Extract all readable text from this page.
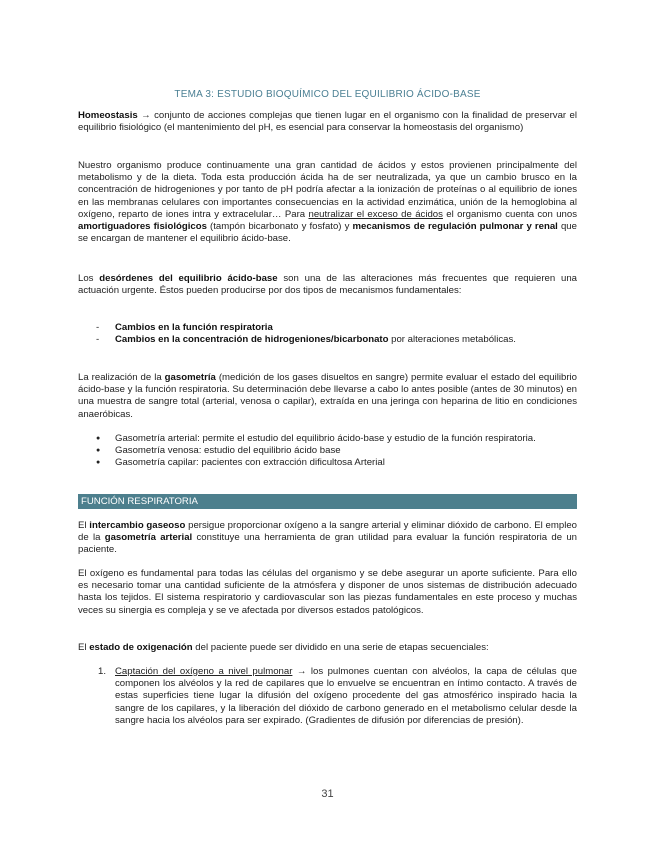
TEMA 3: ESTUDIO BIOQUÍMICO DEL EQUILIBRIO ÁCIDO-BASE

Homeostasis → conjunto de acciones complejas que tienen lugar en el organismo con la finalidad de preservar el equilibrio fisiológico (el mantenimiento del pH, es esencial para conservar la homeostasis del organismo)

Nuestro organismo produce continuamente una gran cantidad de ácidos y estos provienen principalmente del metabolismo y de la dieta. Toda esta producción ácida ha de ser neutralizada, ya que un cambio brusco en la concentración de hidrogeniones y por tanto de pH podría afectar a la ionización de proteínas o al equilibrio de iones en las membranas celulares con importantes consecuencias en la actividad enzimática, unión de la hemoglobina al oxígeno, reparto de iones intra y extracelular… Para neutralizar el exceso de ácidos el organismo cuenta con unos amortiguadores fisiológicos (tampón bicarbonato y fosfato) y mecanismos de regulación pulmonar y renal que se encargan de mantener el equilibrio ácido-base.

Los desórdenes del equilibrio ácido-base son una de las alteraciones más frecuentes que requieren una actuación urgente. Éstos pueden producirse por dos tipos de mecanismos fundamentales:

- Cambios en la función respiratoria
- Cambios en la concentración de hidrogeniones/bicarbonato por alteraciones metabólicas.

La realización de la gasometría (medición de los gases disueltos en sangre) permite evaluar el estado del equilibrio ácido-base y la función respiratoria. Su determinación debe llevarse a cabo lo antes posible (antes de 30 minutos) en una muestra de sangre total (arterial, venosa o capilar), extraída en una jeringa con heparina de litio en condiciones anaeróbicas.

● Gasometría arterial: permite el estudio del equilibrio ácido-base y estudio de la función respiratoria.
● Gasometría venosa: estudio del equilibrio ácido base
● Gasometría capilar: pacientes con extracción dificultosa Arterial
FUNCIÓN RESPIRATORIA

El intercambio gaseoso persigue proporcionar oxígeno a la sangre arterial y eliminar dióxido de carbono. El empleo de la gasometría arterial constituye una herramienta de gran utilidad para evaluar la función respiratoria de un paciente.

El oxígeno es fundamental para todas las células del organismo y se debe asegurar un aporte suficiente. Para ello es necesario tomar una cantidad suficiente de la atmósfera y disponer de unos sistemas de distribución adecuado hasta los tejidos. El sistema respiratorio y cardiovascular son las piezas fundamentales en este proceso y muchas veces su sinergia es compleja y se ve afectada por diversos estados patológicos.

El estado de oxigenación del paciente puede ser dividido en una serie de etapas secuenciales:

1. Captación del oxígeno a nivel pulmonar → los pulmones cuentan con alvéolos, la capa de células que componen los alvéolos y la red de capilares que lo envuelve se encuentran en íntimo contacto. A través de estas superficies tiene lugar la difusión del oxígeno procedente del gas atmosférico inspirado hacia la sangre de los capilares, y la liberación del dióxido de carbono generado en el metabolismo celular desde la sangre hacia los alvéolos para ser expirado. (Gradientes de difusión por diferencias de presión).
31
